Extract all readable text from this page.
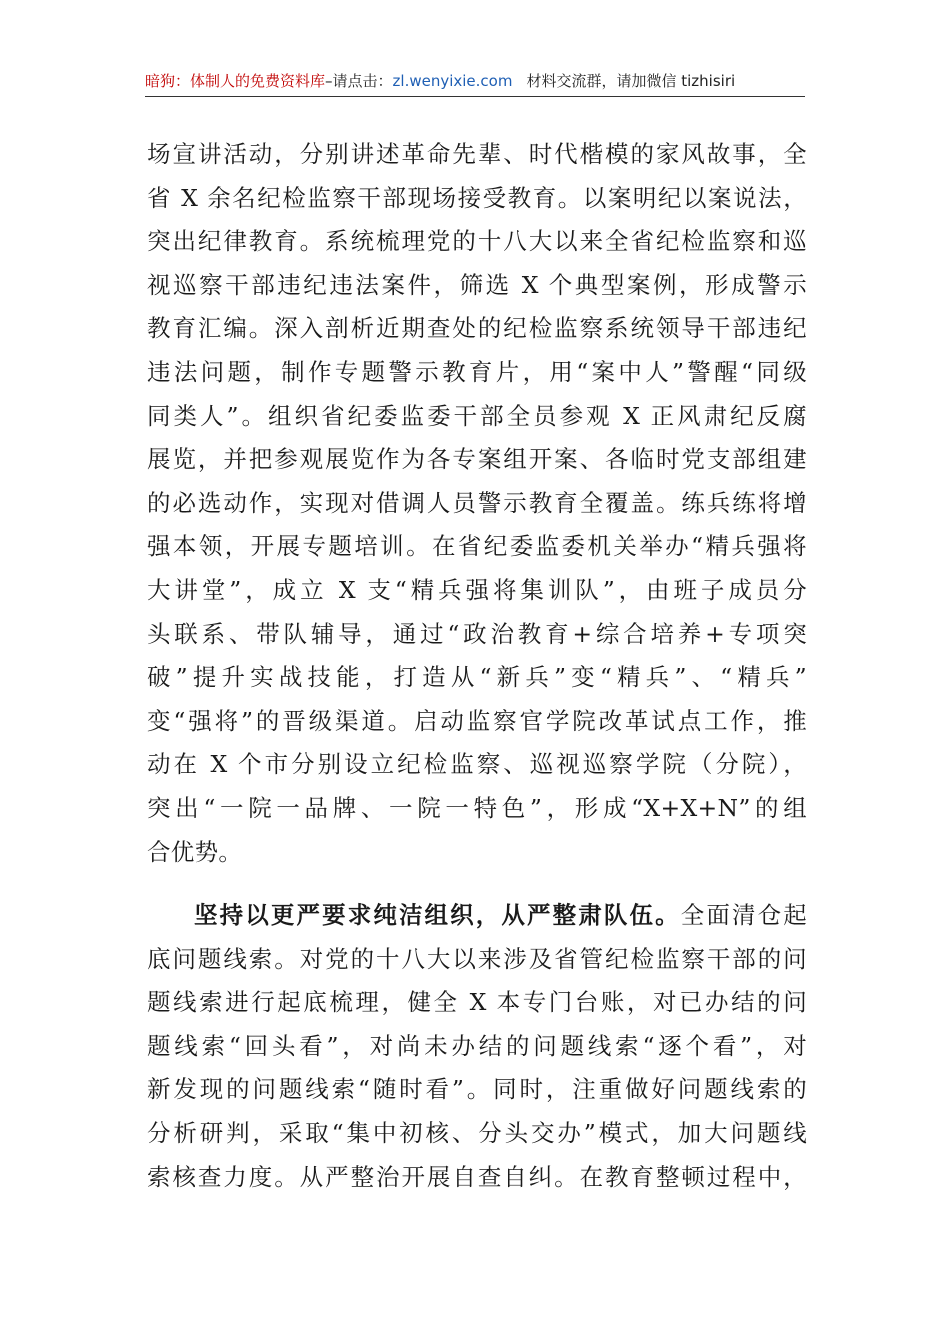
暗狗：体制人的免费资料库–请点击：zl.wenyixie.com 材料交流群，请加微信 tizhisiri
场宣讲活动，分别讲述革命先辈、时代楷模的家风故事，全
省 X 余名纪检监察干部现场接受教育。以案明纪以案说法，
突出纪律教育。系统梳理党的十八大以来全省纪检监察和巡
视巡察干部违纪违法案件，筛选 X 个典型案例，形成警示
教育汇编。深入剖析近期查处的纪检监察系统领导干部违纪
违法问题，制作专题警示教育片，用“案中人”警醒“同级
同类人”。组织省纪委监委干部全员参观 X 正风肃纪反腐
展览，并把参观展览作为各专案组开案、各临时党支部组建
的必选动作，实现对借调人员警示教育全覆盖。练兵练将增
强本领，开展专题培训。在省纪委监委机关举办“精兵强将
大讲堂”，成立 X 支“精兵强将集训队”，由班子成员分
头联系、带队辅导，通过“政治教育+综合培养+专项突
破”提升实战技能，打造从“新兵”变“精兵”、“精兵”
变“强将”的晋级渠道。启动监察官学院改革试点工作，推
动在 X 个市分别设立纪检监察、巡视巡察学院（分院），
突出“一院一品牌、一院一特色”，形成“X+X+N”的组
合优势。
坚持以更严要求纯洁组织，从严整肃队伍。全面清仓起
底问题线索。对党的十八大以来涉及省管纪检监察干部的问
题线索进行起底梳理，健全 X 本专门台账，对已办结的问
题线索“回头看”，对尚未办结的问题线索“逐个看”，对
新发现的问题线索“随时看”。同时，注重做好问题线索的
分析研判，采取“集中初核、分头交办”模式，加大问题线
索核查力度。从严整治开展自查自纠。在教育整顿过程中，
